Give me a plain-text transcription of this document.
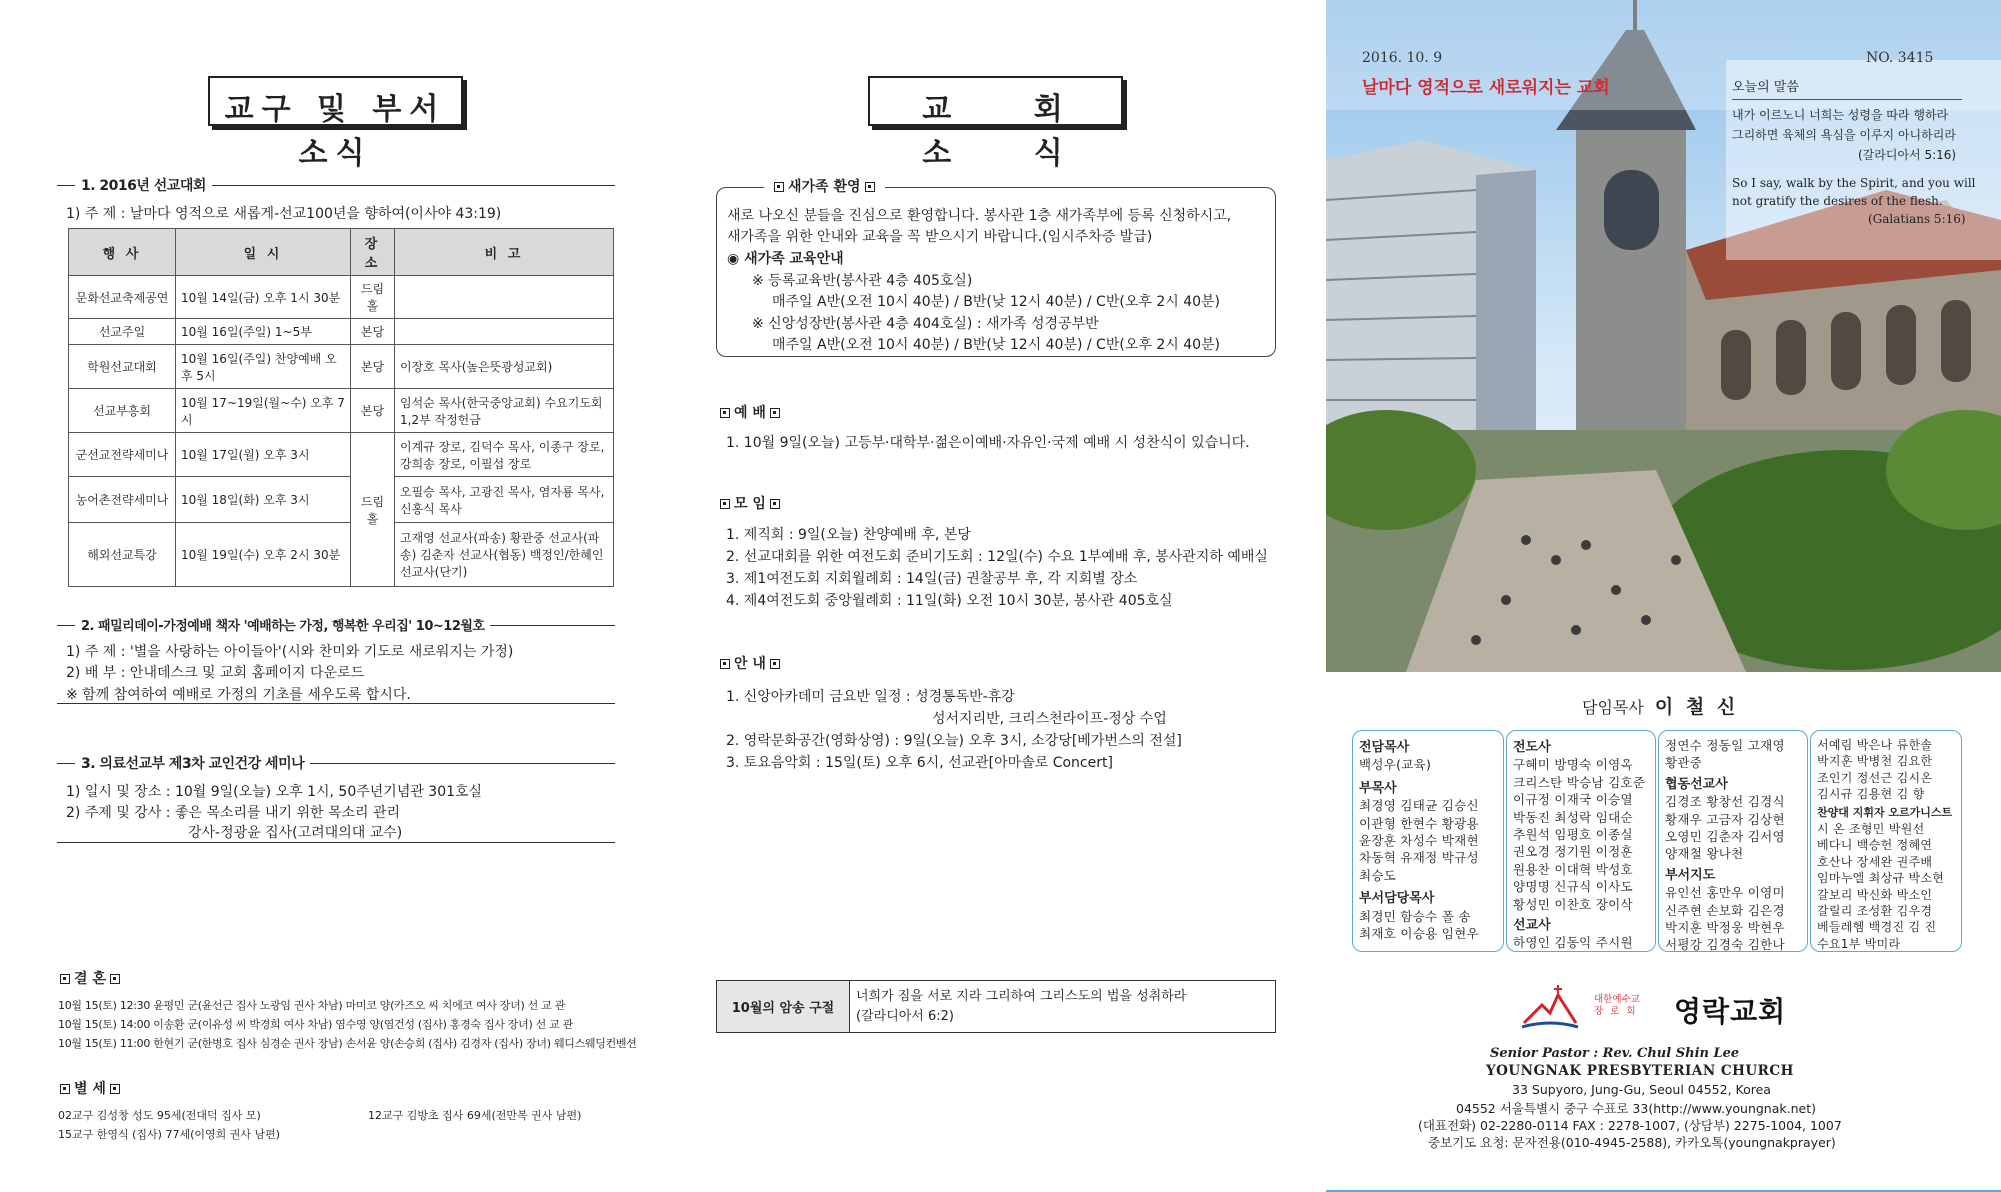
교구 및 부서소식
1. 2016년 선교대회
1) 주 제 : 날마다 영적으로 새롭게-선교100년을 향하여(이사야 43:19)
행 사	일 시	장 소	비 고
문화선교축제공연	10월 14일(금) 오후 1시 30분	드림홀	
선교주일	10월 16일(주일) 1~5부	본당	
학원선교대회	10월 16일(주일) 찬양예배 오후 5시	본당	이장호 목사(높은뜻광성교회)
선교부흥회	10월 17~19일(월~수) 오후 7시	본당	임석순 목사(한국중앙교회) 수요기도회 1,2부 작정헌금
군선교전략세미나	10월 17일(월) 오후 3시	드림홀	이계규 장로, 김덕수 목사, 이종구 장로, 강희송 장로, 이필섭 장로
농어촌전략세미나	10월 18일(화) 오후 3시		오필승 목사, 고광진 목사, 염자룡 목사, 신홍식 목사
해외선교특강	10월 19일(수) 오후 2시 30분		고재영 선교사(파송) 황관중 선교사(파송) 김춘자 선교사(협동) 백정인/한혜인 선교사(단기)
2. 패밀리데이-가정예배 책자 '예배하는 가정, 행복한 우리집' 10~12월호
1) 주 제 : '별을 사랑하는 아이들아'(시와 찬미와 기도로 새로워지는 가정)
2) 배 부 : 안내데스크 및 교회 홈페이지 다운로드
※ 함께 참여하여 예배로 가정의 기초를 세우도록 합시다.
3. 의료선교부 제3차 교인건강 세미나
1) 일시 및 장소 : 10월 9일(오늘) 오후 1시, 50주년기념관 301호실
2) 주제 및 강사 : 좋은 목소리를 내기 위한 목소리 관리
강사-정광윤 집사(고려대의대 교수)
결 혼
10월 15(토) 12:30 윤평민 군(윤선근 집사 노광임 권사 차남) 마미코 양(카즈오 씨 치에코 여사 장녀) 선 교 관
10월 15(토) 14:00 이송환 군(이유성 씨 박경희 여사 차남) 염수영 양(염건성 (집사) 홍경숙 집사 장녀) 선 교 관
10월 15(토) 11:00 한현기 군(한병호 집사 심경순 권사 장남) 손서윤 양(손승희 (집사) 김경자 (집사) 장녀) 웨디스웨딩컨벤션
별 세
02교구 김성창 성도 95세(전대덕 집사 모)	12교구 김방초 집사 69세(전만복 권사 남편)
15교구 한영식 (집사) 77세(이영희 권사 남편)
교 회 소 식
새가족 환영
새로 나오신 분들을 진심으로 환영합니다. 봉사관 1층 새가족부에 등록 신청하시고,
새가족을 위한 안내와 교육을 꼭 받으시기 바랍니다.(임시주차증 발급)
◉ 새가족 교육안내
※ 등록교육반(봉사관 4층 405호실)
매주일 A반(오전 10시 40분) / B반(낮 12시 40분) / C반(오후 2시 40분)
※ 신앙성장반(봉사관 4층 404호실) : 새가족 성경공부반
매주일 A반(오전 10시 40분) / B반(낮 12시 40분) / C반(오후 2시 40분)
예 배
1. 10월 9일(오늘) 고등부·대학부·젊은이예배·자유인·국제 예배 시 성찬식이 있습니다.
모 임
1. 제직회 : 9일(오늘) 찬양예배 후, 본당
2. 선교대회를 위한 여전도회 준비기도회 : 12일(수) 수요 1부예배 후, 봉사관지하 예배실
3. 제1여전도회 지회월례회 : 14일(금) 권찰공부 후, 각 지회별 장소
4. 제4여전도회 중앙월례회 : 11일(화) 오전 10시 30분, 봉사관 405호실
안 내
1. 신앙아카데미 금요반 일정 : 성경통독반-휴강
성서지리반, 크리스천라이프-정상 수업
2. 영락문화공간(영화상영) : 9일(오늘) 오후 3시, 소강당[베가번스의 전설]
3. 토요음악회 : 15일(토) 오후 6시, 선교관[아마솔로 Concert]
10월의 암송 구절
너희가 짐을 서로 지라 그리하여 그리스도의 법을 성취하라
(갈라디아서 6:2)
2016. 10. 9	NO. 3415
날마다 영적으로 새로워지는 교회	오늘의 말씀
내가 이르노니 너희는 성령을 따라 행하라
그리하면 육체의 욕심을 이루지 아니하리라
(갈라디아서 5:16)
So I say, walk by the Spirit, and you will
not gratify the desires of the flesh.
(Galatians 5:16)
담임목사 이 철 신
전담목사
백성우(교육)
부목사
최경영 김태균 김승신
이관형 한현수 황광용
윤장훈 차성수 박재현
차동혁 유재정 박규성
최승도
부서담당목사
최경민 함승수 폴 송
최재호 이승용 임현우
전도사
구혜미 방명숙 이영옥
크리스탄 박승남 김호준
이규정 이재국 이승열
박동진 최성락 임대순
추원석 임평호 이종실
권오경 정기원 이정훈
원용찬 이대혁 박성호
양명명 신규식 이사도
황성민 이찬호 장이삭
선교사
하영인 김동익 주시원
정연수 정동일 고재영
황관중
협동선교사
김경조 황창선 김경식
황재우 고금자 김상현
오영민 김춘자 김서영
양재철 왕나천
부서지도
유인선 홍만우 이영미
신주현 손보화 김은경
박지훈 박정웅 박현우
서평강 김경숙 김한나
서예림 박은나 류한솔
박지훈 박병천 김요한
조인기 정선근 김시온
김시규 김용현 김 향
찬양대 지휘자 오르가니스트
시 온 조형민 박원선
베다니 백승헌 정혜연
호산나 장세완 권주배
임마누엘 최상규 박소현
갈보리 박신화 박소인
갈릴리 조성환 김우경
베들레헴 백경진 김 진
수요1부 박미라
대한예수교
장 로 회 영락교회
Senior Pastor : Rev. Chul Shin Lee
YOUNGNAK PRESBYTERIAN CHURCH
33 Supyoro, Jung-Gu, Seoul 04552, Korea
04552 서울특별시 중구 수표로 33(http://www.youngnak.net)
(대표전화) 02-2280-0114 FAX : 2278-1007, (상담부) 2275-1004, 1007
중보기도 요청: 문자전용(010-4945-2588), 카카오톡(youngnakprayer)
